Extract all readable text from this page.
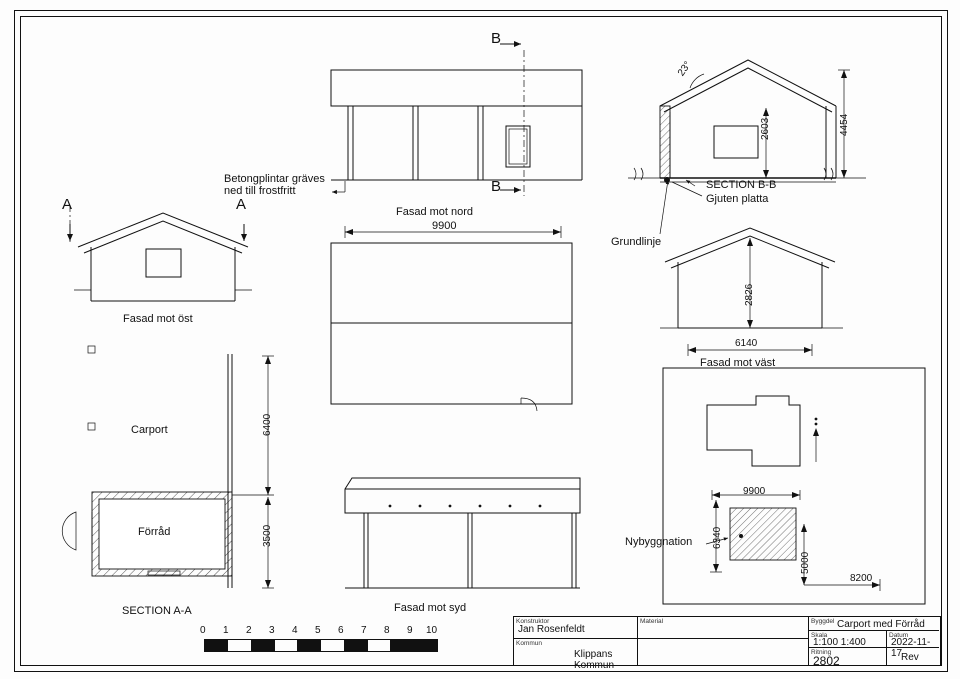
B
B
A	A
Betongplintar gräves
ned till frostfritt
Fasad mot nord
9900
Fasad mot öst
23°
2603	4454
SECTION B-B
Gjuten platta
Grundlinje
2826
6140
Fasad mot väst
Carport
Förråd
6400
3500
SECTION A-A	Fasad mot syd
Nybyggnation
9900
6340
5000
8200
0 1 2 3 4 5 6 7 8 9 10
Konstruktor
Jan Rosenfeldt
Material	Byggdel Carport med Förråd
Kommun
Klippans Kommun
Skala
1:100 1:400
Datum
2022-11-17
Ritning
2802	Rev
